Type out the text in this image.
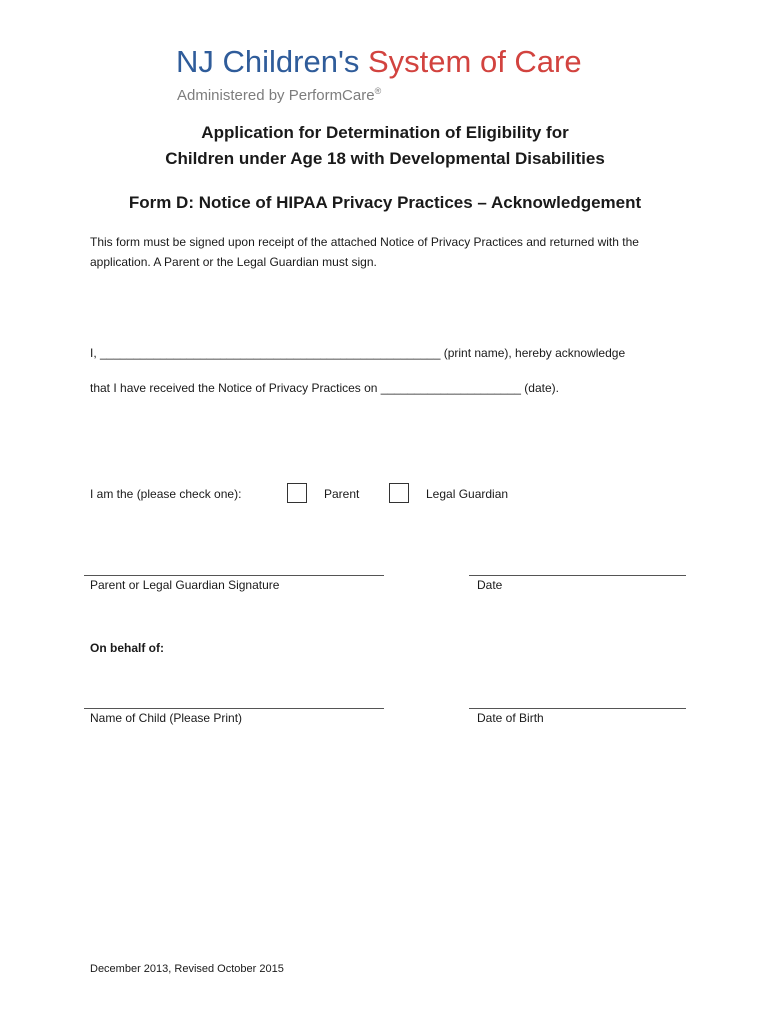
NJ Children's System of Care
Administered by PerformCare®
Application for Determination of Eligibility for
Children under Age 18 with Developmental Disabilities
Form D: Notice of HIPAA Privacy Practices – Acknowledgement
This form must be signed upon receipt of the attached Notice of Privacy Practices and returned with the
application. A Parent or the Legal Guardian must sign.
I, ___________________________________________________ (print name), hereby acknowledge
that I have received the Notice of Privacy Practices on _____________________ (date).
I am the (please check one):	Parent	Legal Guardian
Parent or Legal Guardian Signature	Date
On behalf of:
Name of Child (Please Print)	Date of Birth
December 2013, Revised October 2015
